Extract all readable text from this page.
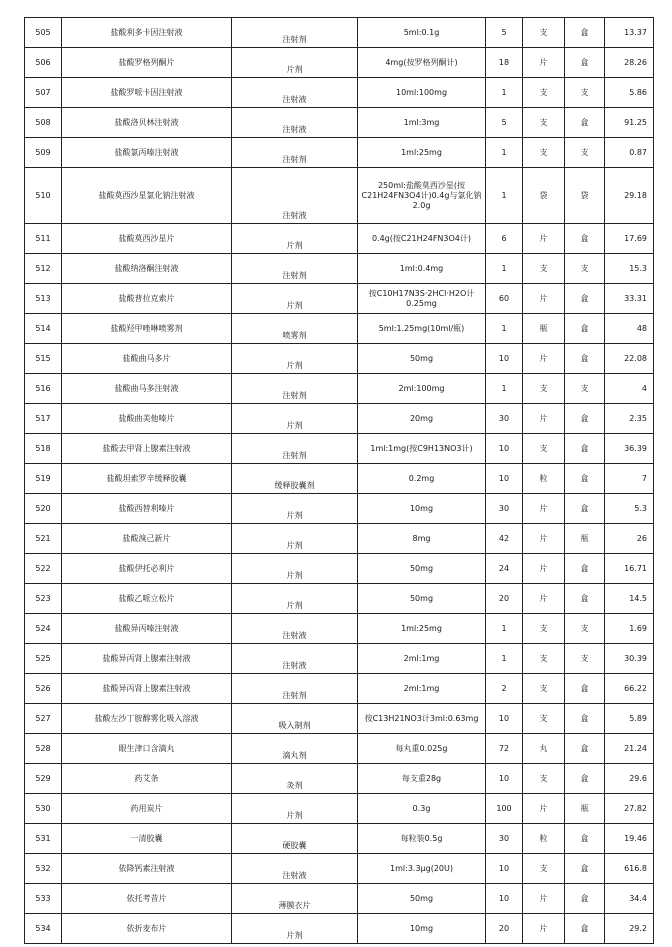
505	盐酸利多卡因注射液	注射剂	5ml:0.1g	5	支	盒	13.37
506	盐酸罗格列酮片	片剂	4mg(按罗格列酮计)	18	片	盒	28.26
507	盐酸罗哌卡因注射液	注射液	10ml:100mg	1	支	支	5.86
508	盐酸洛贝林注射液	注射液	1ml:3mg	5	支	盒	91.25
509	盐酸氯丙嗪注射液	注射剂	1ml:25mg	1	支	支	0.87
510	盐酸莫西沙星氯化钠注射液	注射液	250ml:盐酸莫西沙星(按C21H24FN3O4计)0.4g与氯化钠2.0g	1	袋	袋	29.18
511	盐酸莫西沙星片	片剂	0.4g(按C21H24FN3O4计)	6	片	盒	17.69
512	盐酸纳洛酮注射液	注射剂	1ml:0.4mg	1	支	支	15.3
513	盐酸普拉克索片	片剂	按C10H17N3S·2HCl·H2O计0.25mg	60	片	盒	33.31
514	盐酸羟甲唑啉喷雾剂	喷雾剂	5ml:1.25mg(10ml/瓶)	1	瓶	盒	48
515	盐酸曲马多片	片剂	50mg	10	片	盒	22.08
516	盐酸曲马多注射液	注射剂	2ml:100mg	1	支	支	4
517	盐酸曲美他嗪片	片剂	20mg	30	片	盒	2.35
518	盐酸去甲肾上腺素注射液	注射剂	1ml:1mg(按C9H13NO3计)	10	支	盒	36.39
519	盐酸坦索罗辛缓释胶囊	缓释胶囊剂	0.2mg	10	粒	盒	7
520	盐酸西替利嗪片	片剂	10mg	30	片	盒	5.3
521	盐酸溴己新片	片剂	8mg	42	片	瓶	26
522	盐酸伊托必利片	片剂	50mg	24	片	盒	16.71
523	盐酸乙哌立松片	片剂	50mg	20	片	盒	14.5
524	盐酸异丙嗪注射液	注射液	1ml:25mg	1	支	支	1.69
525	盐酸异丙肾上腺素注射液	注射液	2ml:1mg	1	支	支	30.39
526	盐酸异丙肾上腺素注射液	注射剂	2ml:1mg	2	支	盒	66.22
527	盐酸左沙丁胺醇雾化吸入溶液	吸入制剂	按C13H21NO3计3ml:0.63mg	10	支	盒	5.89
528	眼生津口含滴丸	滴丸剂	每丸重0.025g	72	丸	盒	21.24
529	药艾条	灸剂	每支重28g	10	支	盒	29.6
530	药用炭片	片剂	0.3g	100	片	瓶	27.82
531	一清胶囊	硬胶囊	每粒装0.5g	30	粒	盒	19.46
532	依降钙素注射液	注射液	1ml:3.3μg(20U)	10	支	盒	616.8
533	依托考昔片	薄膜衣片	50mg	10	片	盒	34.4
534	依折麦布片	片剂	10mg	20	片	盒	29.2
